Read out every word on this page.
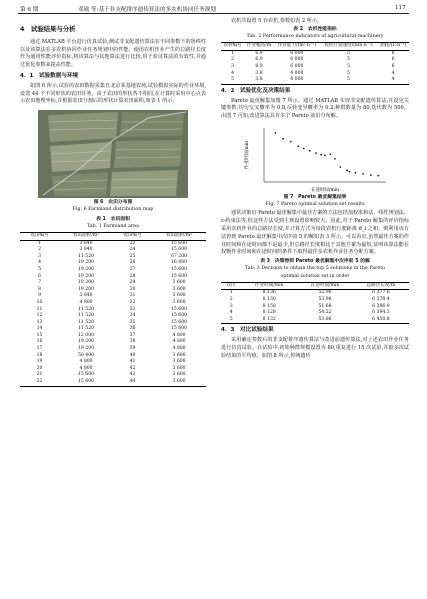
第 6 期	邓瑜 等:基于非支配排序遗传算法的多农机协同任务规划	117
4　试验结果与分析

通过 MATLAB 平台进行仿真试验,测试非支配遗传算法在不同参数下的鲁棒性以及该算法在多农机协同作业任务规划中的性能。使用农机作业产生的总路径长度作为通用性能评价指标,将该算法与其他算法进行比较,用于验证算法的有效性,并通过优化参数来提高性能。

4．1　试验数据与环境

如图 6 所示,试验的农田数据采集自北京某基地农场,试验模拟实际的作业环境,设置 44 个不同形状的农田任务。由于农田的形状各不相同,在计算时采用中心点表示农田地理坐标,并根据农田分割后的形状计算农田面积,如表 1 所示。

图 6　农田分布图
Fig. 6 Farmland distribution map
表 1　农田面积
Tab. 1 Farmland area
农田编号	农田面积/m²	农田编号	农田面积/m²
1	3 840	23	15 600
2	3 840	24	15 600
3	11 520	25	67 200
4	19 200	26	16 800
5	19 200	27	15 600
6	19 200	28	15 600
7	19 200	29	3 600
8	19 200	30	3 600
9	3 840	31	3 600
10	4 800	32	3 600
11	11 520	33	15 600
12	11 520	34	15 600
13	11 520	35	15 600
14	11 520	36	15 600
15	12 000	37	4 800
16	19 200	38	4 800
17	19 200	39	4 800
18	50 400	40	3 600
19	4 800	41	3 600
20	4 800	42	3 600
21	15 600	43	3 600
22	15 600	44	3 600

农机共设置 5 台农机,参数如表 2 所示。

表 2　农机性能指标
Tab. 2 Performance indicators of agricultural machinery
农机编号	作业幅宽/m	作业能力/(m²·h⁻¹)	农机行驶速度/(km·h⁻¹)	油耗/(L·h⁻¹)
1	6.9	6 000	5	6
2	6.9	6 000	5	6
3	6.9	6 000	5	6
4	3.8	4 000	5	4
5	3.8	4 000	5	4
4．2　试验优化及决策结果

Pareto 最优解集如图 7 所示。通过 MATLAB 实现非支配遗传算法,并设定关键参数:均匀交叉概率为 0.8,反转变异概率为 0.2,种群数量为 80,迭代数为 500。由图 7 可知,改进算法具有多个 Pareto 前沿分布解。

作业时间/min
在途时间/min
图 7　Pareto 最优解集结果
Fig. 7 Pareto optimal solution set results

通常决策出 Pareto 最优解集中最佳方案的方法包括加权求和法、线性规划法、ε-约束法等,但这些方法受到主观设置影响较大。因此,对于 Pareto 解集的评价指标采用农机作业的总路径长度,并计算方式为每段农机行驶距离 d_i 之和。则利用该方法得到 Pareto 最优解集中次序前 5 的解如表 3 所示。可以看出,虽然最佳方案的作业时间和在途时间都不是最少,但总路径长度相比于其他方案为最短,证明该算法能在权衡作业时间和在途时间的条件下取得最佳多农机作业任务分配方案。

表 3　决策得到 Pareto 最优解集中次序前 5 的解
Tab. 3 Decision to obtain the top 5 solutions in the Pareto
optimal solution set in order
次序	作业时间/min	在途时间/min	总路径长度/m
1	8 136	52.96	6 377.6
2	8 130	53.96	6 378.4
3	8 158	51.68	6 386.9
4	8 128	54.22	6 394.3
5	8 132	53.86	6 450.8
4．3　对比试验结果

采用确定参数后的非支配排序遗传算法与改进前遗传算法,对上述农田作业任务进行仿真试验。在试验中,初始种群规模设置为 80,重复进行 15 次试验,并取多次试验结果的平均值。如图 8 所示,传统遗传
